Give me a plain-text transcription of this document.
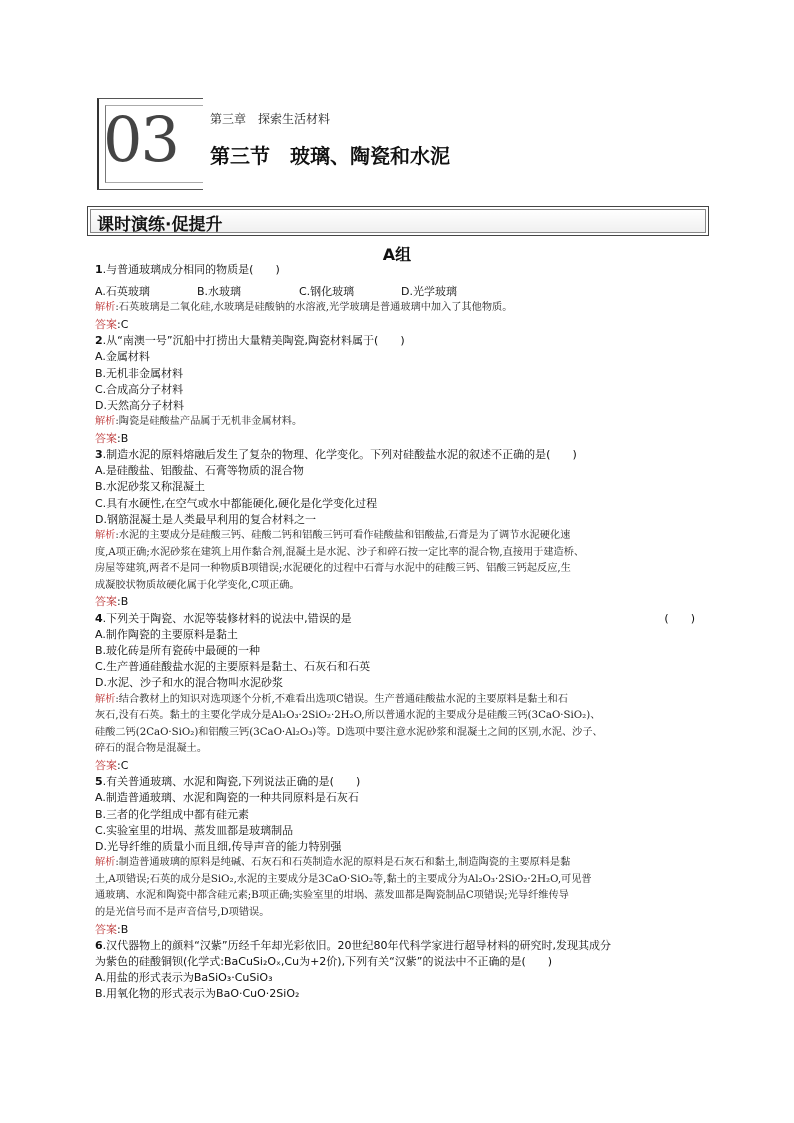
03	第三章　探索生活材料
第三节　玻璃、陶瓷和水泥
课时演练·促提升
A组
1.与普通玻璃成分相同的物质是(　　)
A.石英玻璃	B.水玻璃	C.钢化玻璃	D.光学玻璃
解析:石英玻璃是二氧化硅,水玻璃是硅酸钠的水溶液,光学玻璃是普通玻璃中加入了其他物质。
答案:C
2.从“南澳一号”沉船中打捞出大量精美陶瓷,陶瓷材料属于(　　)
A.金属材料
B.无机非金属材料
C.合成高分子材料
D.天然高分子材料
解析:陶瓷是硅酸盐产品属于无机非金属材料。
答案:B
3.制造水泥的原料熔融后发生了复杂的物理、化学变化。下列对硅酸盐水泥的叙述不正确的是(　　)
A.是硅酸盐、铝酸盐、石膏等物质的混合物
B.水泥砂浆又称混凝土
C.具有水硬性,在空气或水中都能硬化,硬化是化学变化过程
D.钢筋混凝土是人类最早利用的复合材料之一
解析:水泥的主要成分是硅酸三钙、硅酸二钙和铝酸三钙可看作硅酸盐和铝酸盐,石膏是为了调节水泥硬化速
度,A项正确;水泥砂浆在建筑上用作黏合剂,混凝土是水泥、沙子和碎石按一定比率的混合物,直接用于建造桥、
房屋等建筑,两者不是同一种物质B项错误;水泥硬化的过程中石膏与水泥中的硅酸三钙、铝酸三钙起反应,生
成凝胶状物质故硬化属于化学变化,C项正确。
答案:B
4.下列关于陶瓷、水泥等装修材料的说法中,错误的是	(　　)
A.制作陶瓷的主要原料是黏土
B.玻化砖是所有瓷砖中最硬的一种
C.生产普通硅酸盐水泥的主要原料是黏土、石灰石和石英
D.水泥、沙子和水的混合物叫水泥砂浆
解析:结合教材上的知识对选项逐个分析,不难看出选项C错误。生产普通硅酸盐水泥的主要原料是黏土和石
灰石,没有石英。黏土的主要化学成分是Al₂O₃·2SiO₂·2H₂O,所以普通水泥的主要成分是硅酸三钙(3CaO·SiO₂)、
硅酸二钙(2CaO·SiO₂)和铝酸三钙(3CaO·Al₂O₃)等。D选项中要注意水泥砂浆和混凝土之间的区别,水泥、沙子、
碎石的混合物是混凝土。
答案:C
5.有关普通玻璃、水泥和陶瓷,下列说法正确的是(　　)
A.制造普通玻璃、水泥和陶瓷的一种共同原料是石灰石
B.三者的化学组成中都有硅元素
C.实验室里的坩埚、蒸发皿都是玻璃制品
D.光导纤维的质量小而且细,传导声音的能力特别强
解析:制造普通玻璃的原料是纯碱、石灰石和石英制造水泥的原料是石灰石和黏土,制造陶瓷的主要原料是黏
土,A项错误;石英的成分是SiO₂,水泥的主要成分是3CaO·SiO₂等,黏土的主要成分为Al₂O₃·2SiO₂·2H₂O,可见普
通玻璃、水泥和陶瓷中都含硅元素;B项正确;实验室里的坩埚、蒸发皿都是陶瓷制品C项错误;光导纤维传导
的是光信号而不是声音信号,D项错误。
答案:B
6.汉代器物上的颜料“汉紫”历经千年却光彩依旧。20世纪80年代科学家进行超导材料的研究时,发现其成分
为紫色的硅酸铜钡(化学式:BaCuSi₂Oₓ,Cu为+2价),下列有关“汉紫”的说法中不正确的是(　　)
A.用盐的形式表示为BaSiO₃·CuSiO₃
B.用氧化物的形式表示为BaO·CuO·2SiO₂
